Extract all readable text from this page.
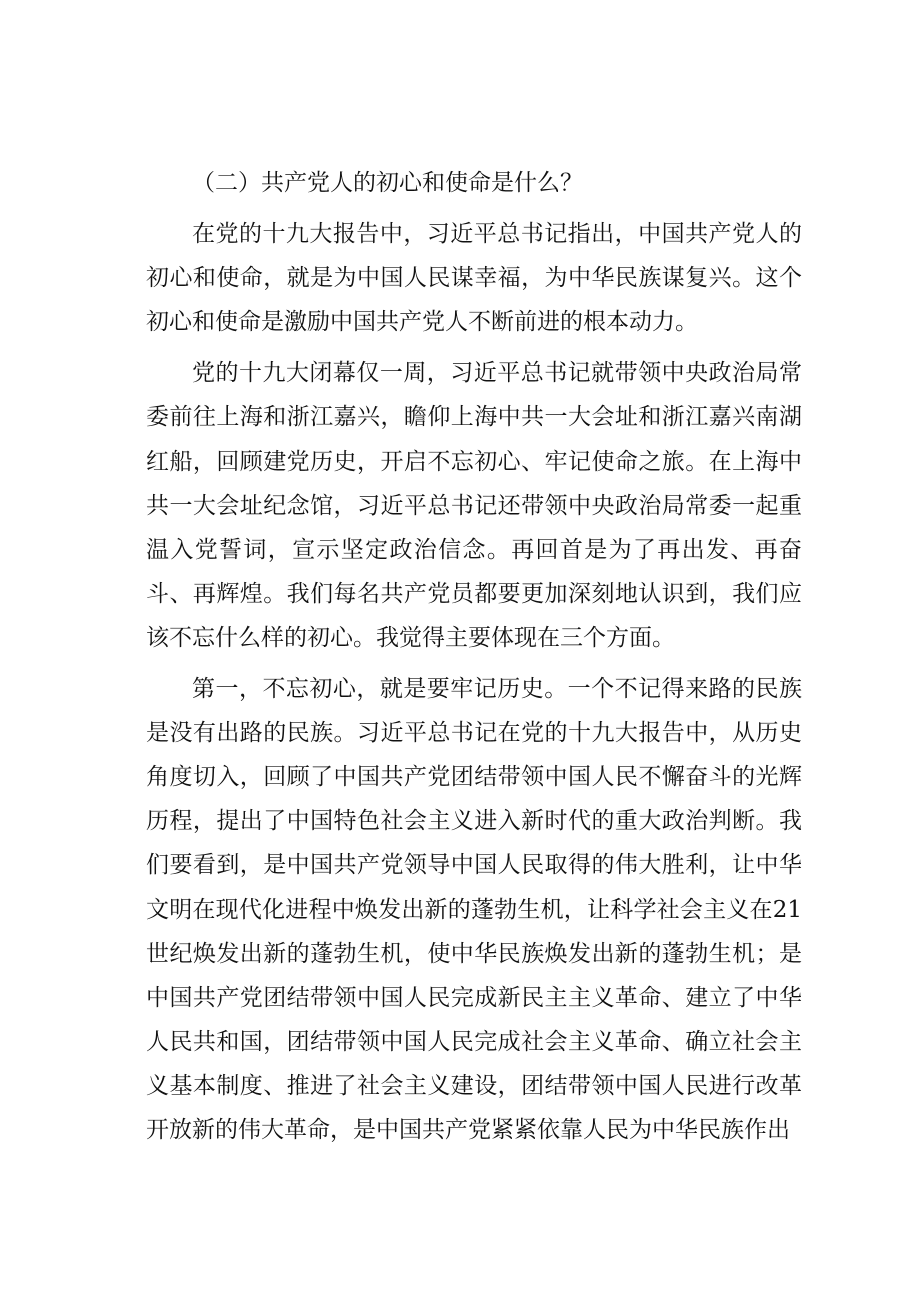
（二）共产党人的初心和使命是什么？

在党的十九大报告中，习近平总书记指出，中国共产党人的初心和使命，就是为中国人民谋幸福，为中华民族谋复兴。这个初心和使命是激励中国共产党人不断前进的根本动力。

党的十九大闭幕仅一周，习近平总书记就带领中央政治局常委前往上海和浙江嘉兴，瞻仰上海中共一大会址和浙江嘉兴南湖红船，回顾建党历史，开启不忘初心、牢记使命之旅。在上海中共一大会址纪念馆，习近平总书记还带领中央政治局常委一起重温入党誓词，宣示坚定政治信念。再回首是为了再出发、再奋斗、再辉煌。我们每名共产党员都要更加深刻地认识到，我们应该不忘什么样的初心。我觉得主要体现在三个方面。

第一，不忘初心，就是要牢记历史。一个不记得来路的民族是没有出路的民族。习近平总书记在党的十九大报告中，从历史角度切入，回顾了中国共产党团结带领中国人民不懈奋斗的光辉历程，提出了中国特色社会主义进入新时代的重大政治判断。我们要看到，是中国共产党领导中国人民取得的伟大胜利，让中华文明在现代化进程中焕发出新的蓬勃生机，让科学社会主义在21世纪焕发出新的蓬勃生机，使中华民族焕发出新的蓬勃生机；是中国共产党团结带领中国人民完成新民主主义革命、建立了中华人民共和国，团结带领中国人民完成社会主义革命、确立社会主义基本制度、推进了社会主义建设，团结带领中国人民进行改革开放新的伟大革命，是中国共产党紧紧依靠人民为中华民族作出
